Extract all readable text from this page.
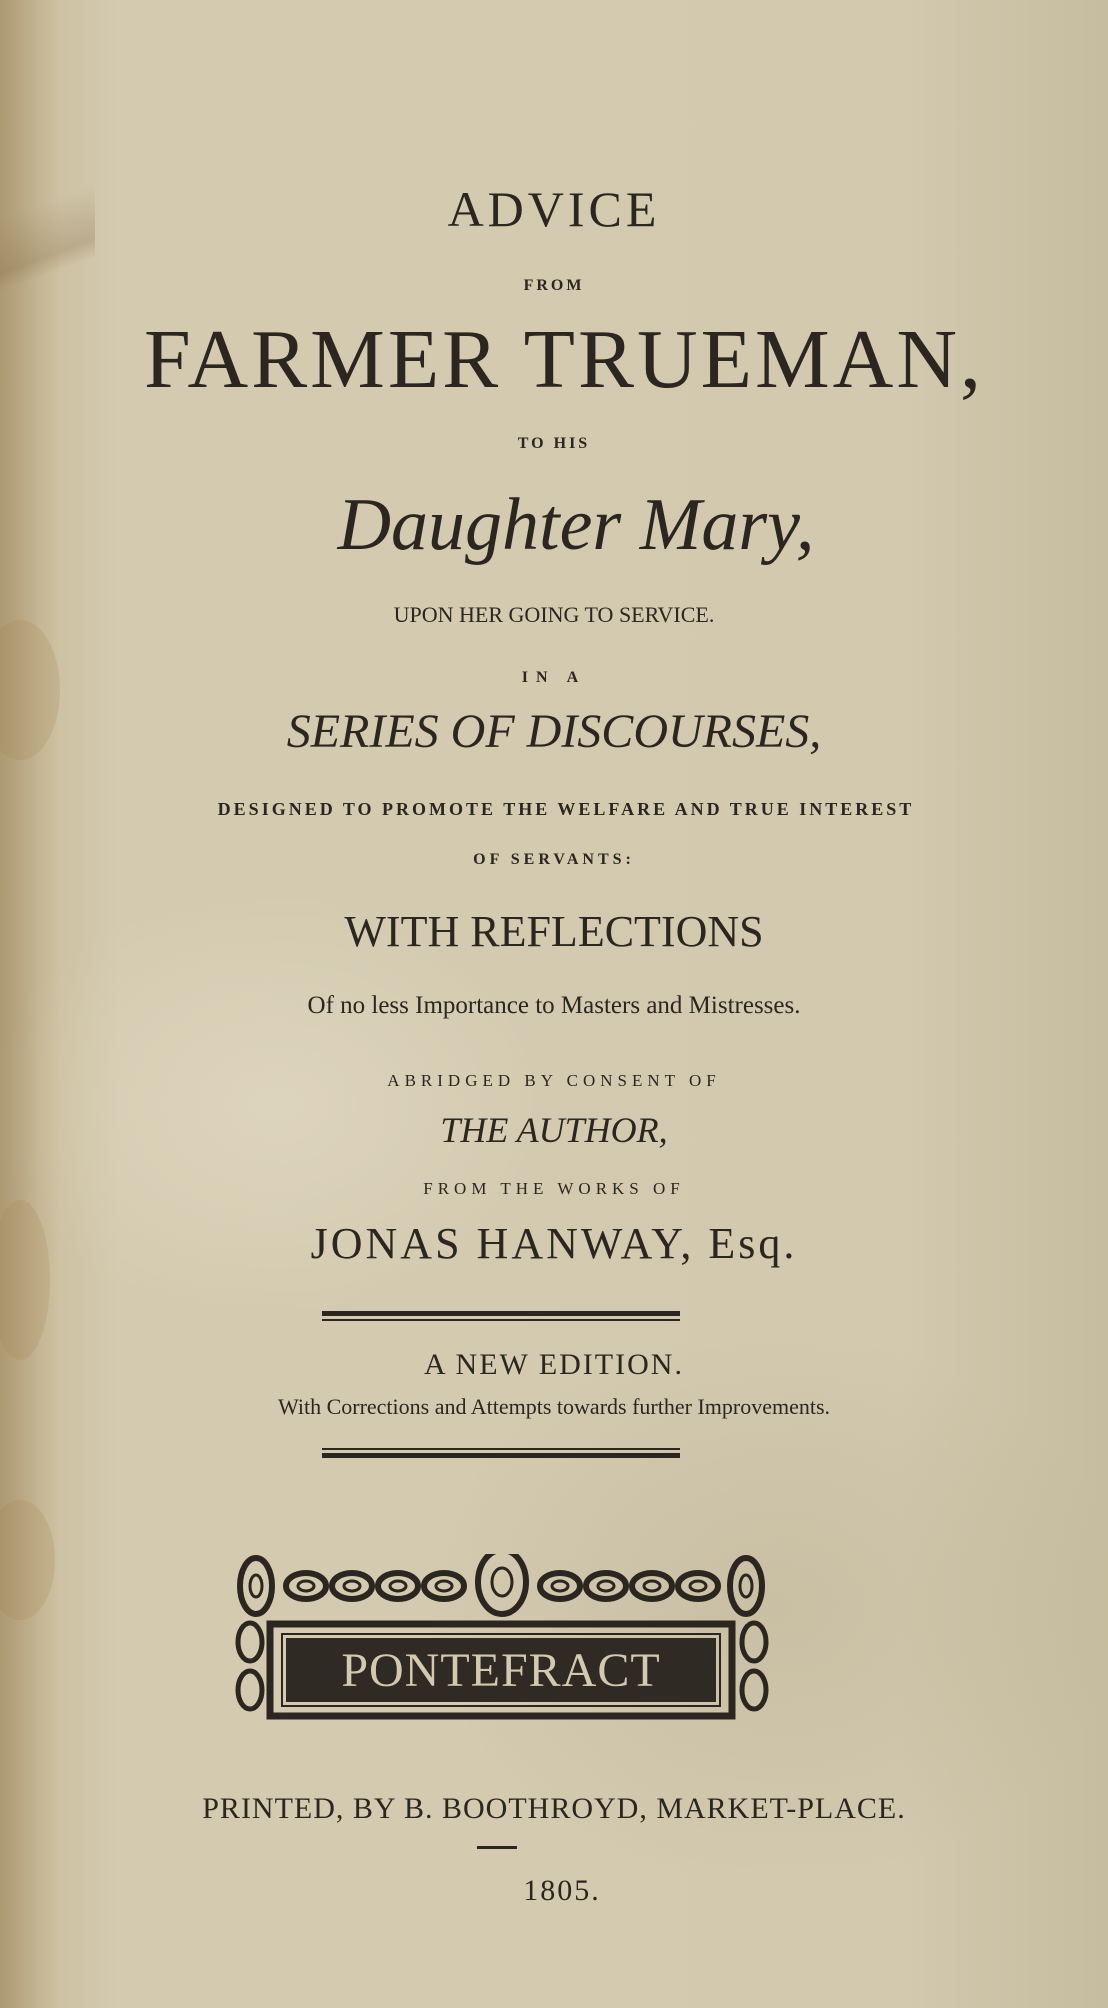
ADVICE
FROM
FARMER TRUEMAN,
TO HIS
Daughter Mary,
UPON HER GOING TO SERVICE.
IN A
SERIES OF DISCOURSES,
DESIGNED TO PROMOTE THE WELFARE AND TRUE INTEREST
OF SERVANTS:
WITH REFLECTIONS
Of no less Importance to Masters and Mistresses.
ABRIDGED BY CONSENT OF
THE AUTHOR,
FROM THE WORKS OF
JONAS HANWAY, Esq.
A NEW EDITION.
With Corrections and Attempts towards further Improvements.
PONTEFRACT
PRINTED, BY B. BOOTHROYD, MARKET-PLACE.
1805.
